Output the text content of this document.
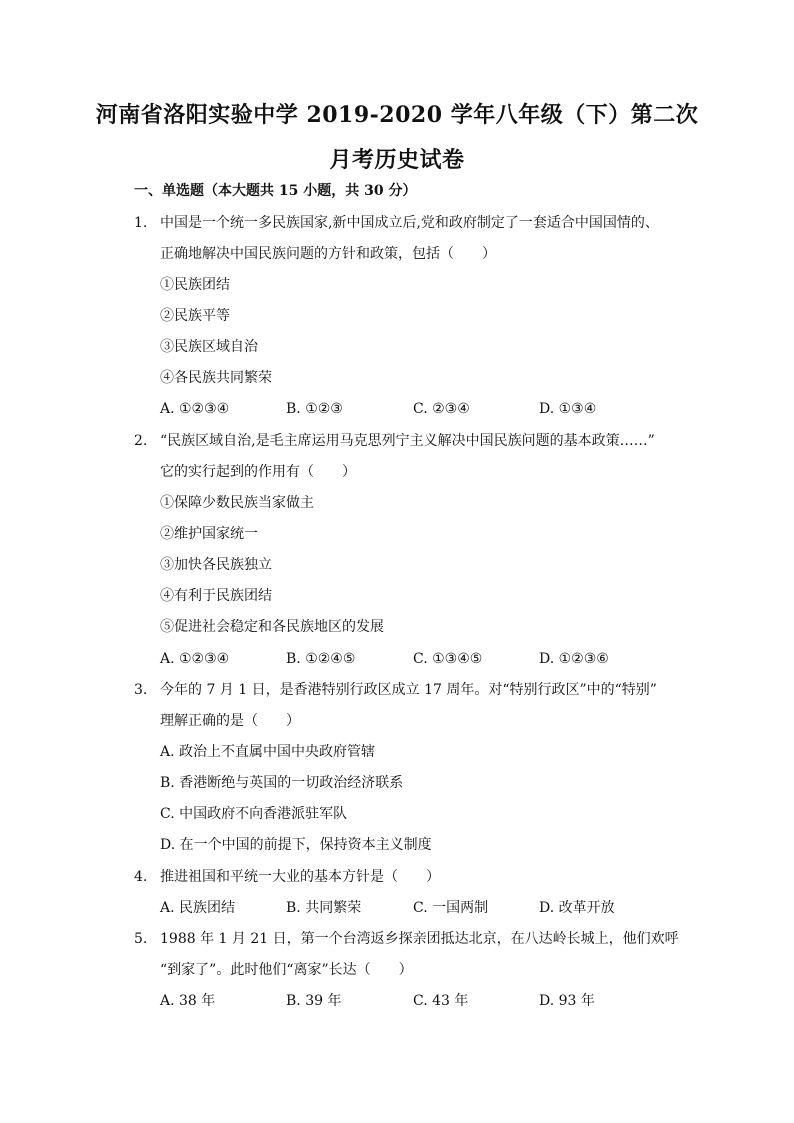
河南省洛阳实验中学 2019-2020 学年八年级（下）第二次
月考历史试卷
一、单选题（本大题共 15 小题，共 30 分）
1. 中国是一个统一多民族国家,新中国成立后,党和政府制定了一套适合中国国情的、
正确地解决中国民族问题的方针和政策，包括（　　）
①民族团结
②民族平等
③民族区域自治
④各民族共同繁荣
A. ①②③④	B. ①②③	C. ②③④	D. ①③④
2. “民族区域自治,是毛主席运用马克思列宁主义解决中国民族问题的基本政策……”
它的实行起到的作用有（　　）
①保障少数民族当家做主
②维护国家统一
③加快各民族独立
④有利于民族团结
⑤促进社会稳定和各民族地区的发展
A. ①②③④	B. ①②④⑤	C. ①③④⑤	D. ①②③⑥
3. 今年的 7 月 1 日，是香港特别行政区成立 17 周年。对“特别行政区”中的“特别”
理解正确的是（　　）
A. 政治上不直属中国中央政府管辖
B. 香港断绝与英国的一切政治经济联系
C. 中国政府不向香港派驻军队
D. 在一个中国的前提下，保持资本主义制度
4. 推进祖国和平统一大业的基本方针是（　　）
A. 民族团结	B. 共同繁荣	C. 一国两制	D. 改革开放
5. 1988 年 1 月 21 日，第一个台湾返乡探亲团抵达北京，在八达岭长城上，他们欢呼
“到家了”。此时他们“离家”长达（　　）
A. 38 年	B. 39 年	C. 43 年	D. 93 年
